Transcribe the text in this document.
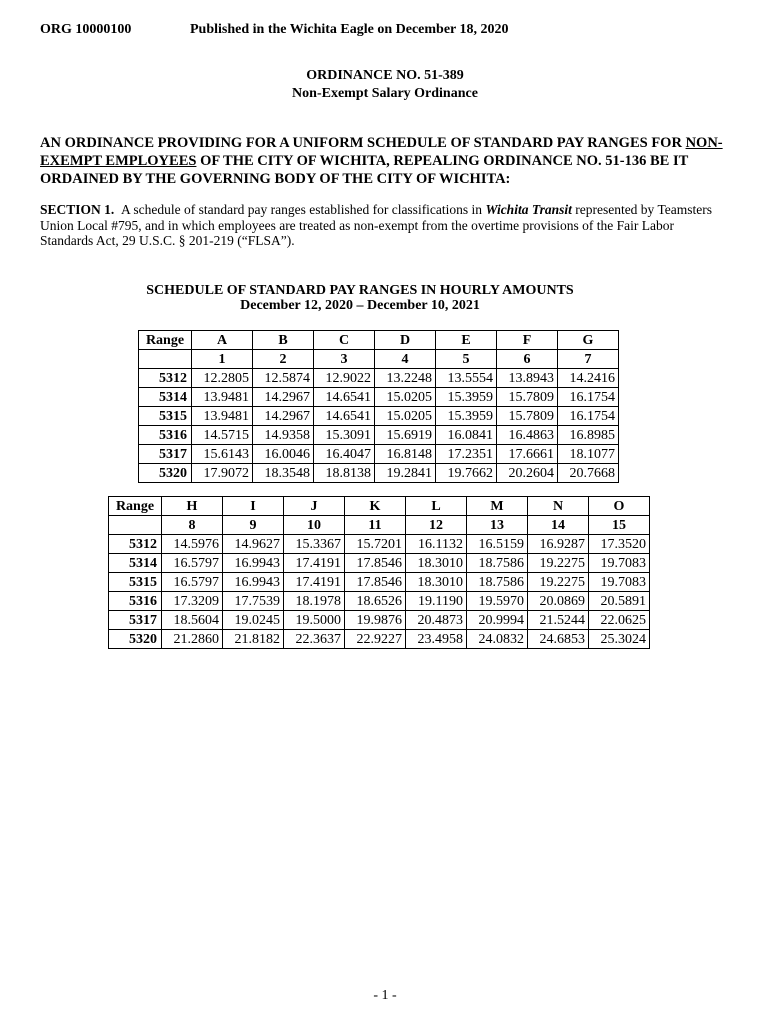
ORG 10000100	Published in the Wichita Eagle on December 18, 2020
ORDINANCE NO. 51-389
Non-Exempt Salary Ordinance
AN ORDINANCE PROVIDING FOR A UNIFORM SCHEDULE OF STANDARD PAY RANGES FOR NON-EXEMPT EMPLOYEES OF THE CITY OF WICHITA, REPEALING ORDINANCE NO. 51-136 BE IT ORDAINED BY THE GOVERNING BODY OF THE CITY OF WICHITA:
SECTION 1. A schedule of standard pay ranges established for classifications in Wichita Transit represented by Teamsters Union Local #795, and in which employees are treated as non-exempt from the overtime provisions of the Fair Labor Standards Act, 29 U.S.C. § 201-219 (“FLSA”).
SCHEDULE OF STANDARD PAY RANGES IN HOURLY AMOUNTS
December 12, 2020 – December 10, 2021
Range	A	B	C	D	E	F	G
	1	2	3	4	5	6	7
5312	12.2805	12.5874	12.9022	13.2248	13.5554	13.8943	14.2416
5314	13.9481	14.2967	14.6541	15.0205	15.3959	15.7809	16.1754
5315	13.9481	14.2967	14.6541	15.0205	15.3959	15.7809	16.1754
5316	14.5715	14.9358	15.3091	15.6919	16.0841	16.4863	16.8985
5317	15.6143	16.0046	16.4047	16.8148	17.2351	17.6661	18.1077
5320	17.9072	18.3548	18.8138	19.2841	19.7662	20.2604	20.7668
Range	H	I	J	K	L	M	N	O
	8	9	10	11	12	13	14	15
5312	14.5976	14.9627	15.3367	15.7201	16.1132	16.5159	16.9287	17.3520
5314	16.5797	16.9943	17.4191	17.8546	18.3010	18.7586	19.2275	19.7083
5315	16.5797	16.9943	17.4191	17.8546	18.3010	18.7586	19.2275	19.7083
5316	17.3209	17.7539	18.1978	18.6526	19.1190	19.5970	20.0869	20.5891
5317	18.5604	19.0245	19.5000	19.9876	20.4873	20.9994	21.5244	22.0625
5320	21.2860	21.8182	22.3637	22.9227	23.4958	24.0832	24.6853	25.3024
- 1 -
